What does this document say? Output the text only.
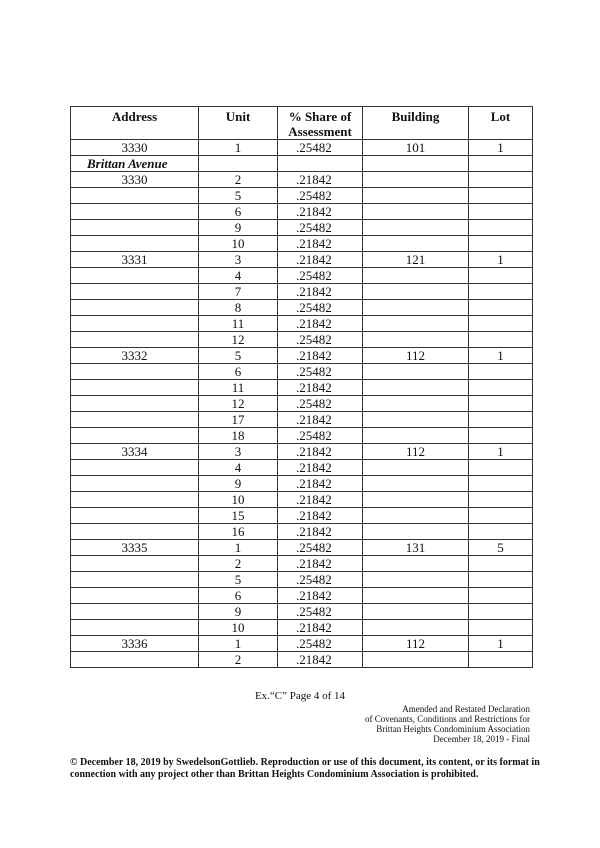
Address	Unit	% Share of Assessment	Building	Lot
3330	1	.25482	101	1
Brittan Avenue				
3330	2	.21842		
	5	.25482		
	6	.21842		
	9	.25482		
	10	.21842		
3331	3	.21842	121	1
	4	.25482		
	7	.21842		
	8	.25482		
	11	.21842		
	12	.25482		
3332	5	.21842	112	1
	6	.25482		
	11	.21842		
	12	.25482		
	17	.21842		
	18	.25482		
3334	3	.21842	112	1
	4	.21842		
	9	.21842		
	10	.21842		
	15	.21842		
	16	.21842		
3335	1	.25482	131	5
	2	.21842		
	5	.25482		
	6	.21842		
	9	.25482		
	10	.21842		
3336	1	.25482	112	1
	2	.21842		
Ex.“C” Page 4 of 14
Amended and Restated Declaration
of Covenants, Conditions and Restrictions for
Brittan Heights Condominium Association
December 18, 2019 - Final
© December 18, 2019 by SwedelsonGottlieb. Reproduction or use of this document, its content, or its format in connection with any project other than Brittan Heights Condominium Association is prohibited.
